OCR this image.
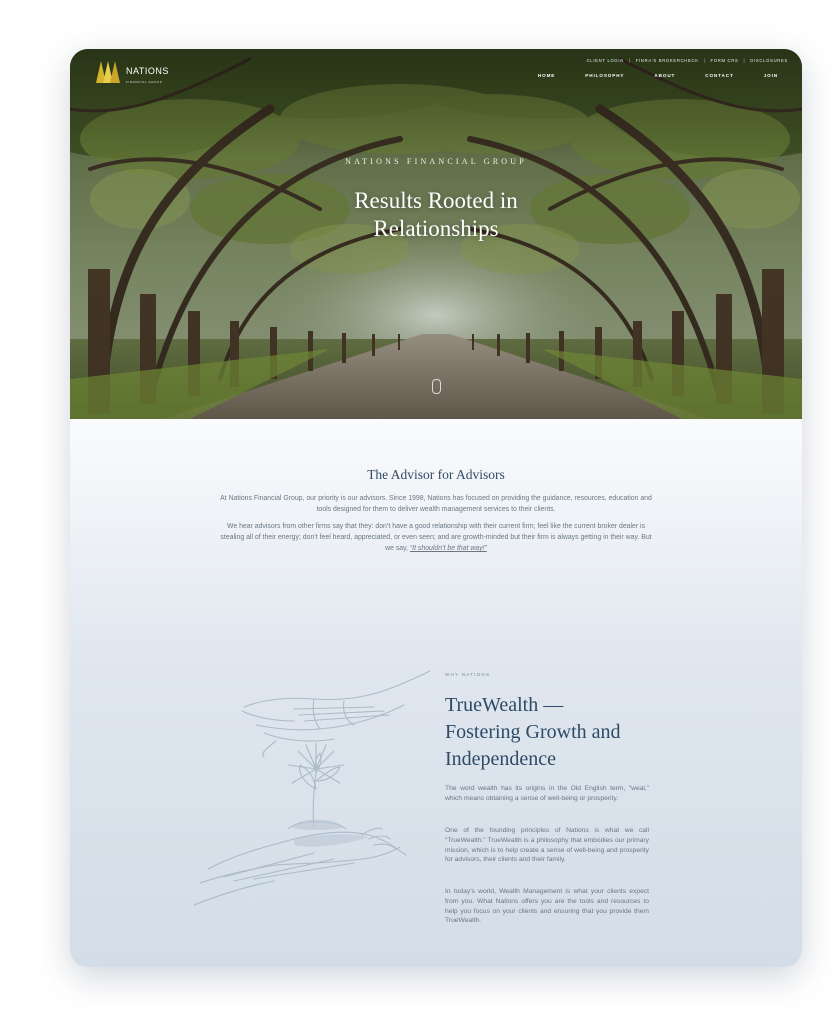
NATIONS
FINANCIAL GROUP
CLIENT LOGIN | FINRA'S BROKERCHECK | FORM CRS | DISCLOSURES
HOME	PHILOSOPHY	ABOUT	CONTACT	JOIN
NATIONS FINANCIAL GROUP
Results Rooted in
Relationships
The Advisor for Advisors

At Nations Financial Group, our priority is our advisors. Since 1998, Nations has focused on providing the guidance, resources, education and tools designed for them to deliver wealth management services to their clients.

We hear advisors from other firms say that they: don’t have a good relationship with their current firm; feel like the current broker dealer is stealing all of their energy; don’t feel heard, appreciated, or even seen; and are growth-minded but their firm is always getting in their way. But we say, “It shouldn’t be that way!”

WHY NATIONS
TrueWealth —
Fostering Growth and
Independence

The word wealth has its origins in the Old English term, “weal,” which means obtaining a sense of well-being or prosperity.

One of the founding principles of Nations is what we call “TrueWealth.” TrueWealth is a philosophy that embodies our primary mission, which is to help create a sense of well-being and prosperity for advisors, their clients and their family.

In today’s world, Wealth Management is what your clients expect from you. What Nations offers you are the tools and resources to help you focus on your clients and ensuring that you provide them TrueWealth.
